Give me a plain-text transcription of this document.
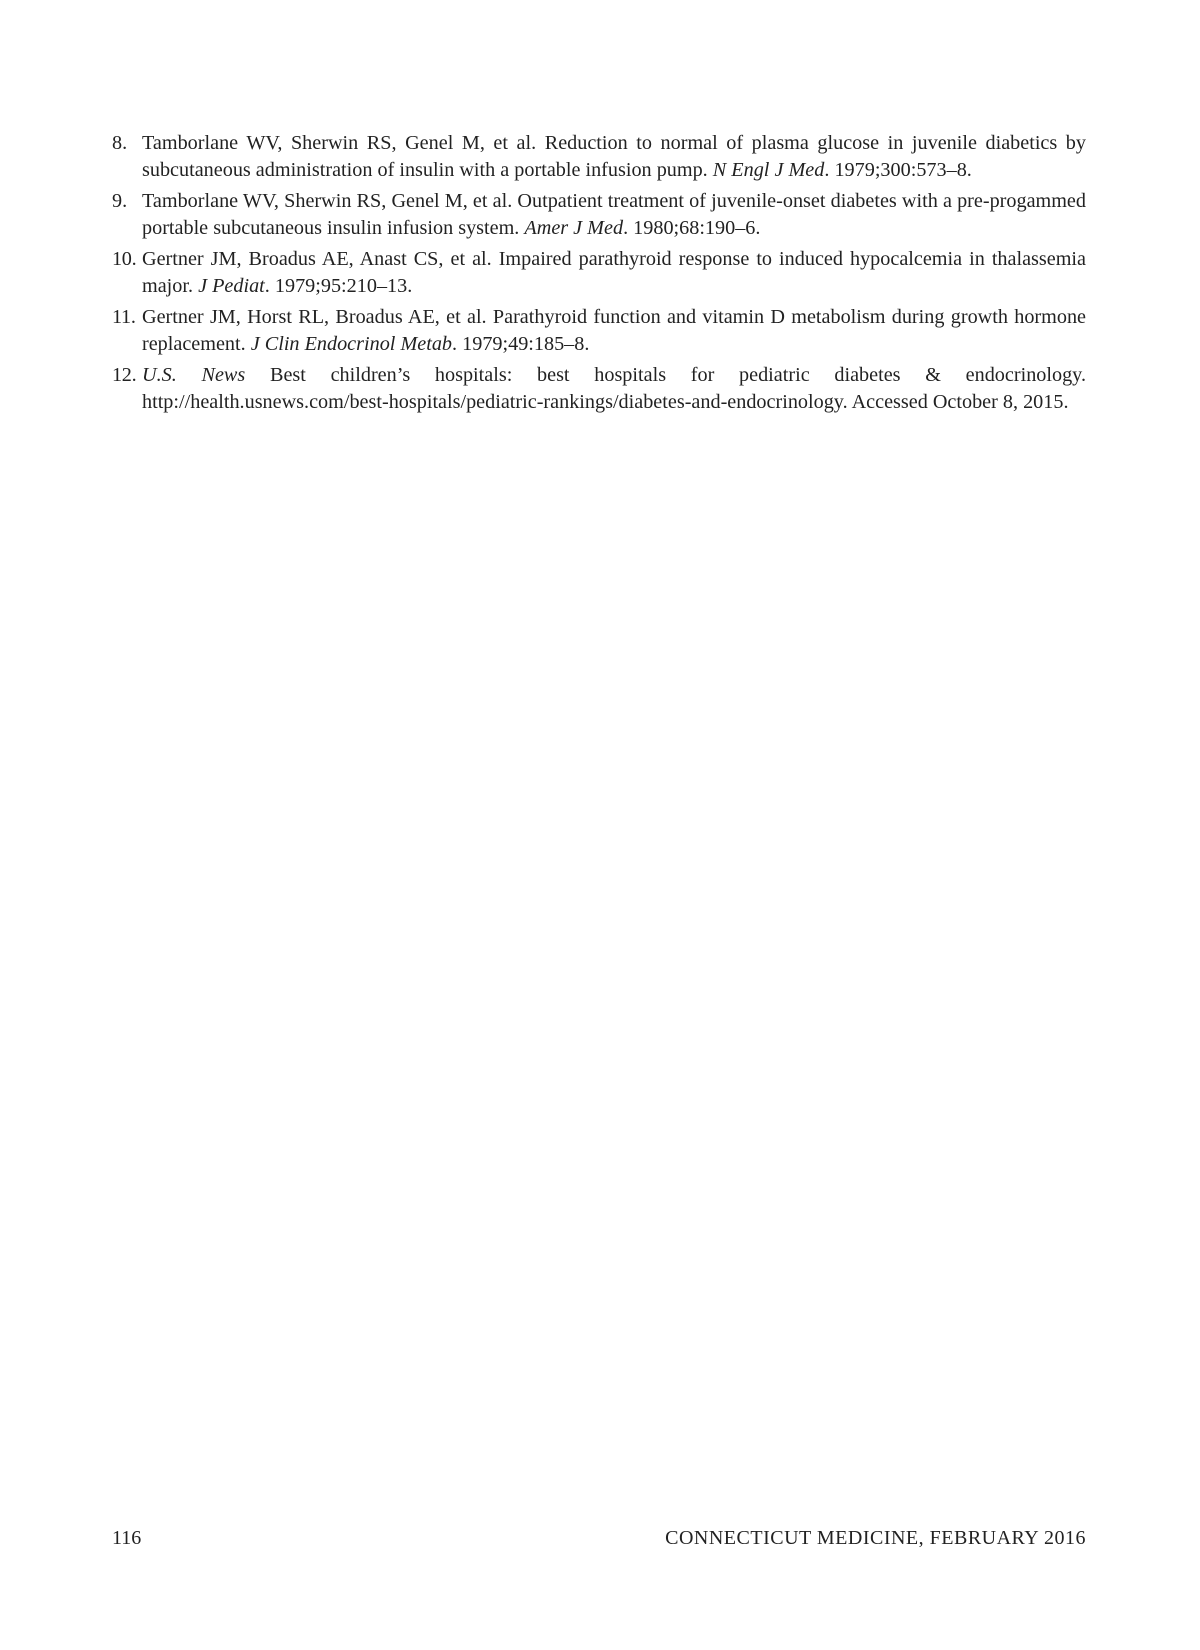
8. Tamborlane WV, Sherwin RS, Genel M, et al. Reduction to normal of plasma glucose in juvenile diabetics by subcutaneous administration of insulin with a portable infusion pump. N Engl J Med. 1979;300:573–8.
9. Tamborlane WV, Sherwin RS, Genel M, et al. Outpatient treatment of juvenile-onset diabetes with a pre-progammed portable subcutaneous insulin infusion system. Amer J Med. 1980;68:190–6.
10. Gertner JM, Broadus AE, Anast CS, et al. Impaired parathyroid response to induced hypocalcemia in thalassemia major. J Pediat. 1979;95:210–13.
11. Gertner JM, Horst RL, Broadus AE, et al. Parathyroid function and vitamin D metabolism during growth hormone replacement. J Clin Endocrinol Metab. 1979;49:185–8.
12. U.S. News Best children’s hospitals: best hospitals for pediatric diabetes & endocrinology. http://health.usnews.com/best-hospitals/pediatric-rankings/diabetes-and-endocrinology. Accessed October 8, 2015.
116	CONNECTICUT MEDICINE, FEBRUARY 2016
